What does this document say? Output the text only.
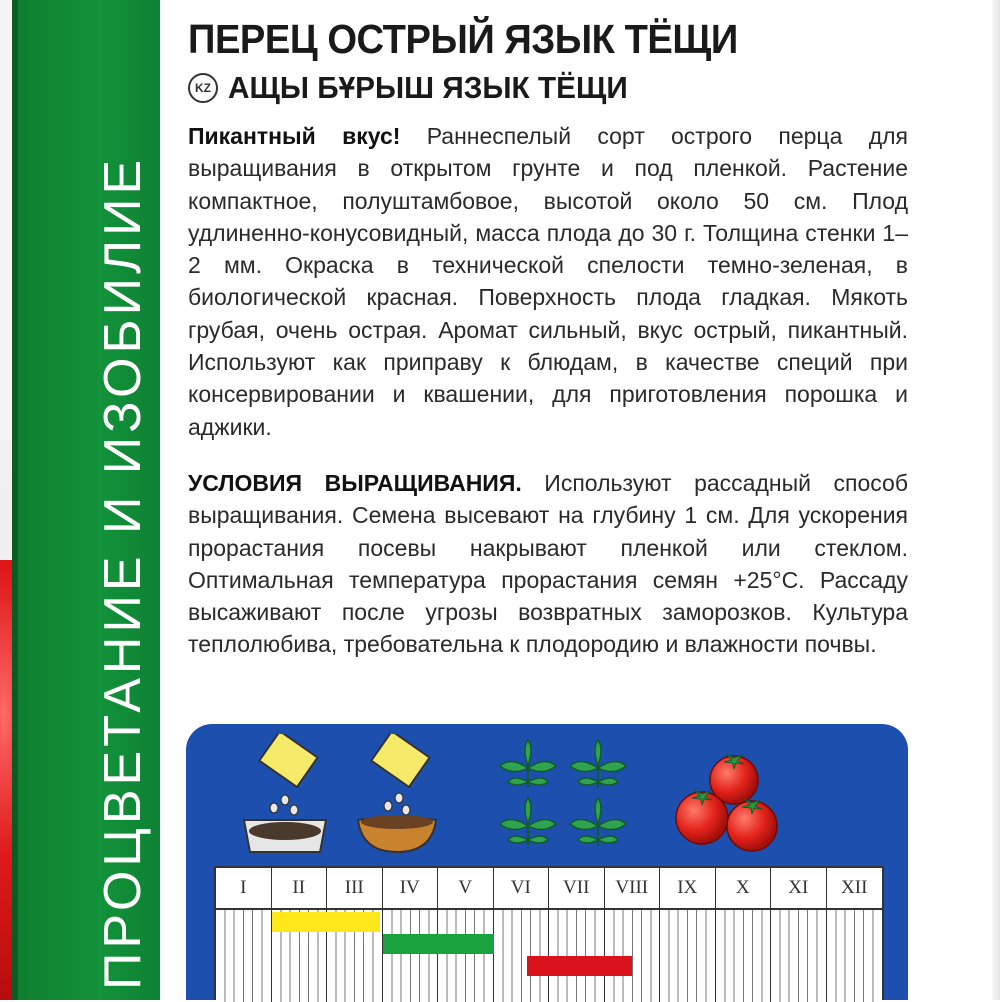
ПРОЦВЕТАНИЕ И ИЗОБИЛИЕ
ПЕРЕЦ ОСТРЫЙ ЯЗЫК ТЁЩИ
KZ АЩЫ БҰРЫШ ЯЗЫК ТЁЩИ
Пикантный вкус! Раннеспелый сорт острого перца для выращивания в открытом грунте и под пленкой. Растение компактное, полуштамбовое, высотой около 50 см. Плод удлиненно-конусовидный, масса плода до 30 г. Толщина стенки 1–2 мм. Окраска в технической спелости темно-зеленая, в биологической красная. Поверхность плода гладкая. Мякоть грубая, очень острая. Аромат сильный, вкус острый, пикантный. Используют как приправу к блюдам, в качестве специй при консервировании и квашении, для приготовления порошка и аджики.
УСЛОВИЯ ВЫРАЩИВАНИЯ. Используют рассадный способ выращивания. Семена высевают на глубину 1 см. Для ускорения прорастания посевы накрывают пленкой или стеклом. Оптимальная температура прорастания семян +25°C. Рассаду высаживают после угрозы возвратных заморозков. Культура теплолюбива, требовательна к плодородию и влажности почвы.
I	II	III	IV	V	VI	VII	VIII	IX	X	XI	XII
